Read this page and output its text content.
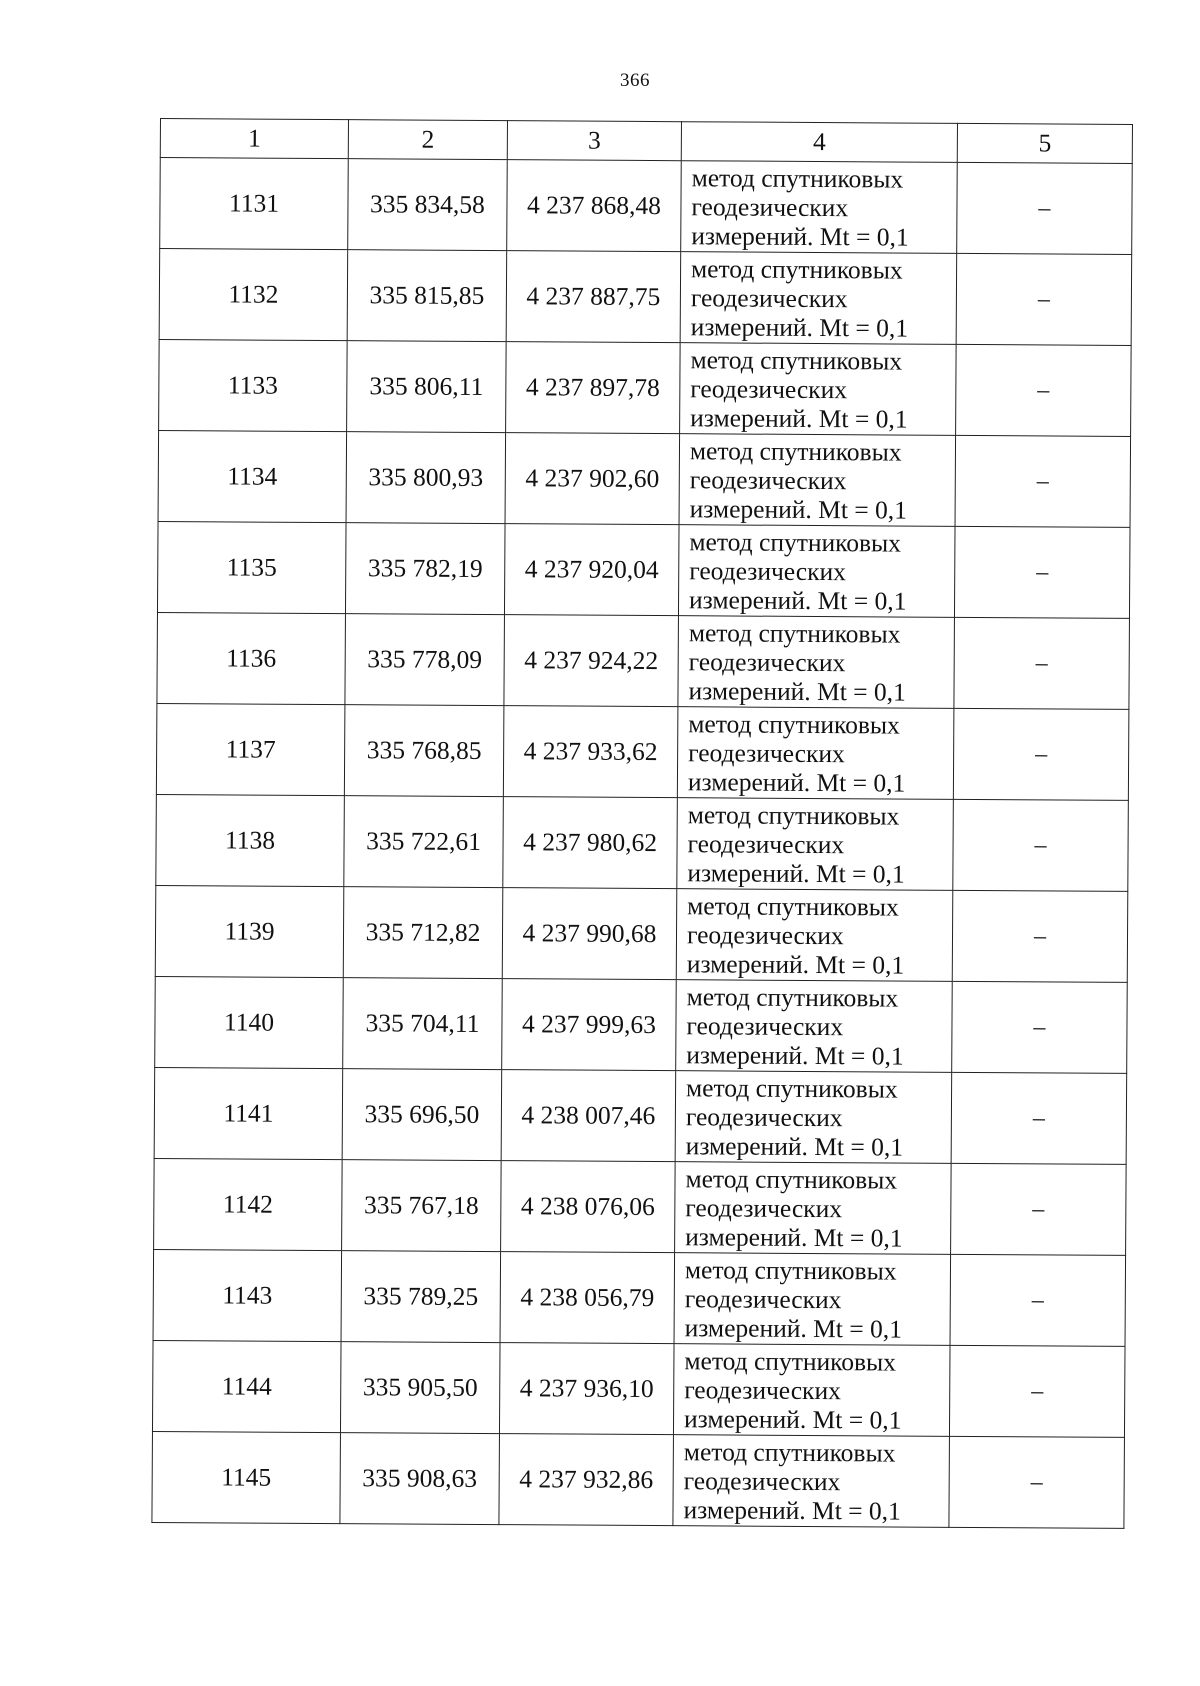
366
1	2	3	4	5
1131	335 834,58	4 237 868,48	метод спутниковых геодезических измерений. Mt = 0,1	–
1132	335 815,85	4 237 887,75	метод спутниковых геодезических измерений. Mt = 0,1	–
1133	335 806,11	4 237 897,78	метод спутниковых геодезических измерений. Mt = 0,1	–
1134	335 800,93	4 237 902,60	метод спутниковых геодезических измерений. Mt = 0,1	–
1135	335 782,19	4 237 920,04	метод спутниковых геодезических измерений. Mt = 0,1	–
1136	335 778,09	4 237 924,22	метод спутниковых геодезических измерений. Mt = 0,1	–
1137	335 768,85	4 237 933,62	метод спутниковых геодезических измерений. Mt = 0,1	–
1138	335 722,61	4 237 980,62	метод спутниковых геодезических измерений. Mt = 0,1	–
1139	335 712,82	4 237 990,68	метод спутниковых геодезических измерений. Mt = 0,1	–
1140	335 704,11	4 237 999,63	метод спутниковых геодезических измерений. Mt = 0,1	–
1141	335 696,50	4 238 007,46	метод спутниковых геодезических измерений. Mt = 0,1	–
1142	335 767,18	4 238 076,06	метод спутниковых геодезических измерений. Mt = 0,1	–
1143	335 789,25	4 238 056,79	метод спутниковых геодезических измерений. Mt = 0,1	–
1144	335 905,50	4 237 936,10	метод спутниковых геодезических измерений. Mt = 0,1	–
1145	335 908,63	4 237 932,86	метод спутниковых геодезических измерений. Mt = 0,1	–
